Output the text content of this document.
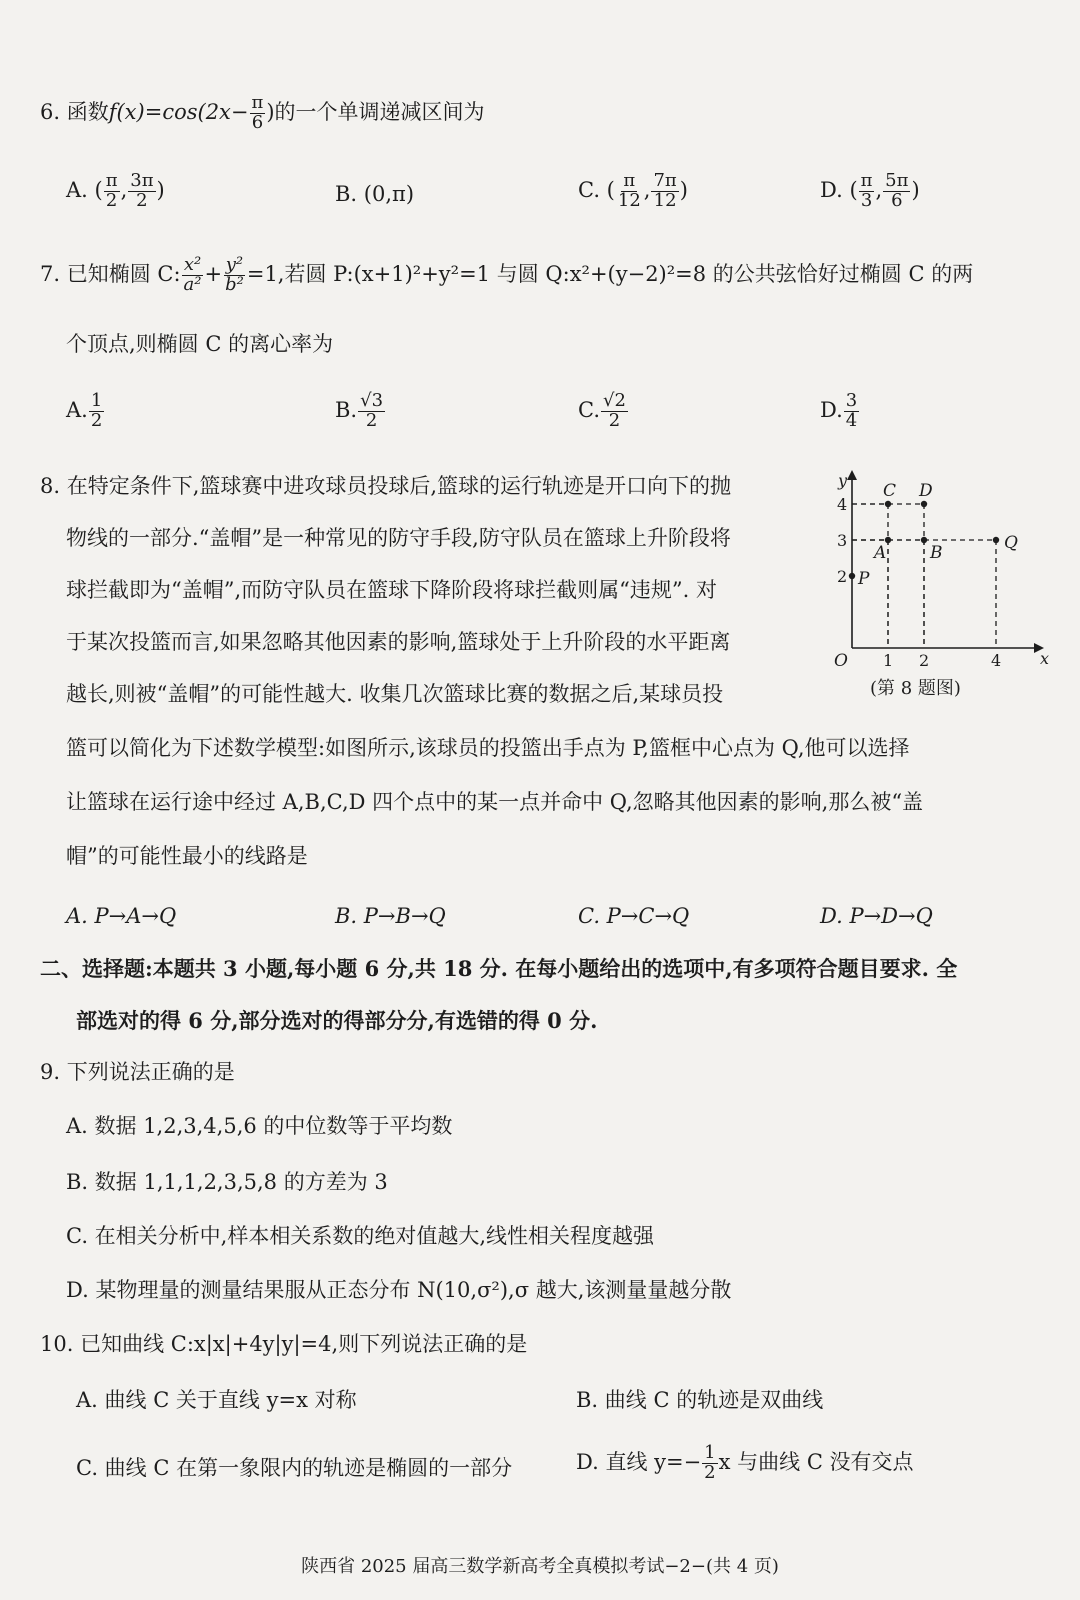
6. 函数$f(x)=\cos(2x- \frac{\pi}{6}$ )的一个单调递减区间为
A. ( $\frac{\pi}{2}$ , $\frac{3\pi}{2}$ )	B. (0,π)	C. ( $\frac{\pi}{12}$ , $\frac{7\pi}{12}$ )	D. ( $\frac{\pi}{3}$ , $\frac{5\pi}{6}$ )
7. 已知椭圆 C: $\frac{\text{x²}}{\text{a²}} + \frac{\text{y²}}{\text{b²}} =1$,若圆 P:(x+1)²+y²=1 与圆 Q:x²+(y−2)²=8 的公共弦恰好过椭圆 C 的两
个顶点,则椭圆 C 的离心率为
A. $\frac{1}{2}$	B. $\frac{√3}{2}$	C. $\frac{√2}{2}$	D. $\frac{3}{4}$
8. 在特定条件下,篮球赛中进攻球员投球后,篮球的运行轨迹是开口向下的抛
物线的一部分.“盖帽”是一种常见的防守手段,防守队员在篮球上升阶段将
球拦截即为“盖帽”,而防守队员在篮球下降阶段将球拦截则属“违规”. 对
于某次投篮而言,如果忽略其他因素的影响,篮球处于上升阶段的水平距离
越长,则被“盖帽”的可能性越大. 收集几次篮球比赛的数据之后,某球员投
篮可以简化为下述数学模型:如图所示,该球员的投篮出手点为 P,篮框中心点为 Q,他可以选择
让篮球在运行途中经过 A,B,C,D 四个点中的某一点并命中 Q,忽略其他因素的影响,那么被“盖
帽”的可能性最小的线路是
A. P→A→Q	B. P→B→Q	C. P→C→Q	D. P→D→Q
1 2	4
2
3
4
P
A	B
C D
Q
x
y
O
(第 8 题图)
二、选择题:本题共 3 小题,每小题 6 分,共 18 分. 在每小题给出的选项中,有多项符合题目要求. 全
部选对的得 6 分,部分选对的得部分分,有选错的得 0 分.
9. 下列说法正确的是
A. 数据 1,2,3,4,5,6 的中位数等于平均数
B. 数据 1,1,1,2,3,5,8 的方差为 3
C. 在相关分析中,样本相关系数的绝对值越大,线性相关程度越强
D. 某物理量的测量结果服从正态分布 N(10,σ²),σ 越大,该测量量越分散
10. 已知曲线 C:x|x|+4y|y|=4,则下列说法正确的是
A. 曲线 C 关于直线 y=x 对称	B. 曲线 C 的轨迹是双曲线
C. 曲线 C 在第一象限内的轨迹是椭圆的一部分	D. 直线 $y=- \frac{1}{2}$ x 与曲线 C 没有交点
陕西省 2025 届高三数学新高考全真模拟考试−2−(共 4 页)
